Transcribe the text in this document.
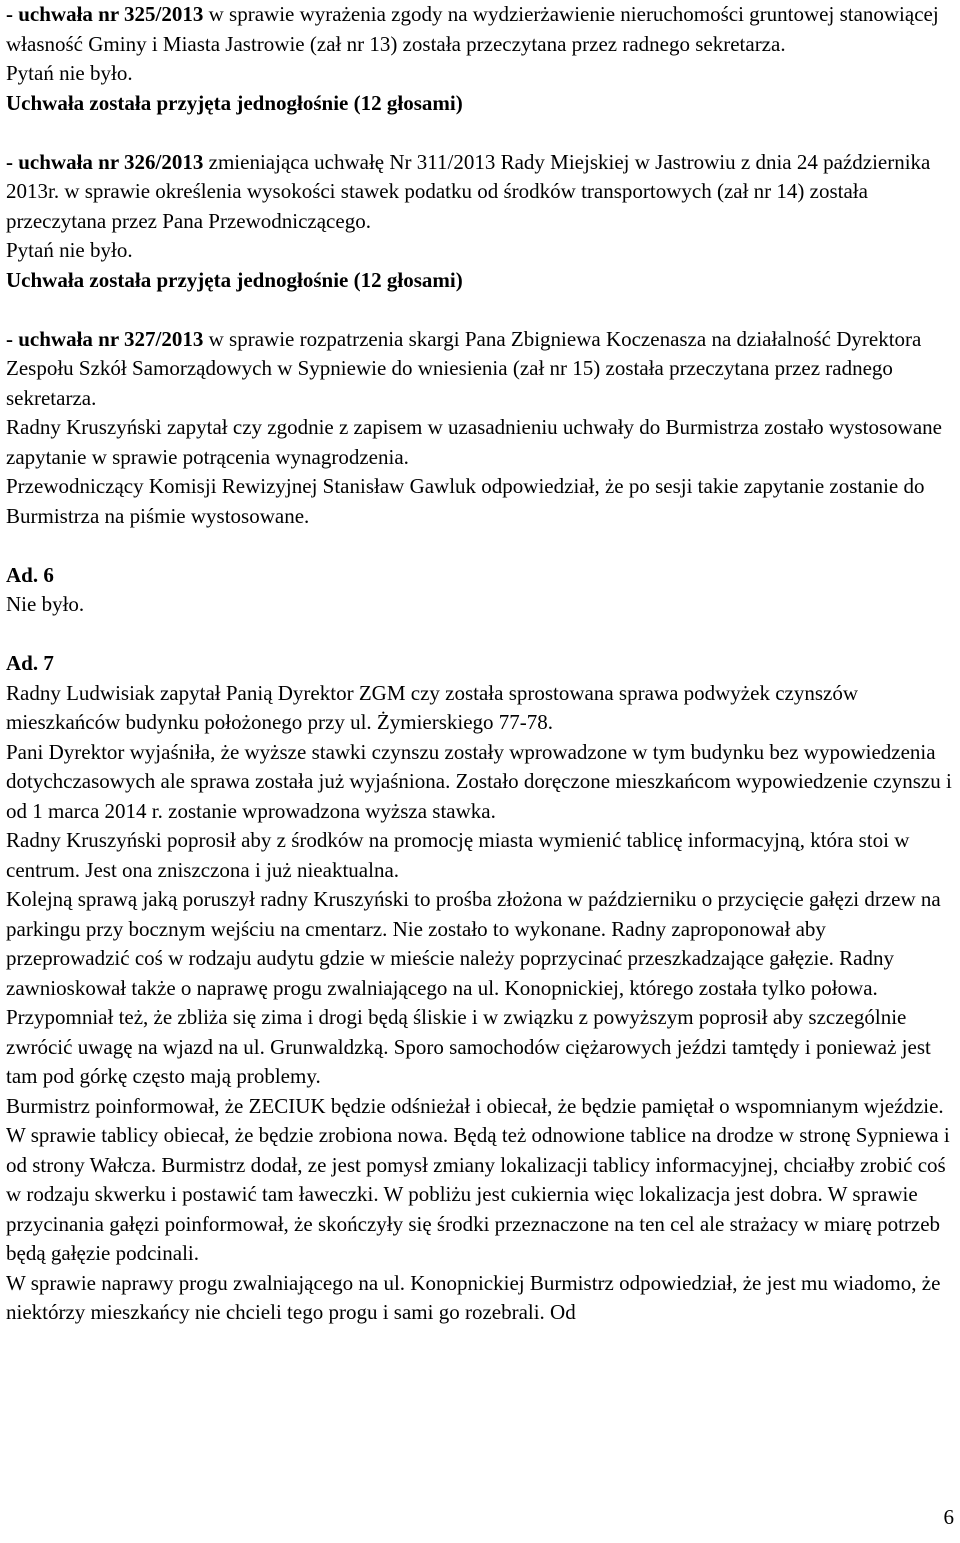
- uchwała nr 325/2013 w sprawie wyrażenia zgody na wydzierżawienie nieruchomości gruntowej stanowiącej własność Gminy i Miasta Jastrowie (zał nr 13) została przeczytana przez radnego sekretarza.

Pytań nie było.

Uchwała została przyjęta jednogłośnie (12 głosami)

- uchwała nr 326/2013 zmieniająca uchwałę Nr 311/2013 Rady Miejskiej w Jastrowiu z dnia 24 października 2013r. w sprawie określenia wysokości stawek podatku od środków transportowych (zał nr 14) została przeczytana przez Pana Przewodniczącego.

Pytań nie było.

Uchwała została przyjęta jednogłośnie (12 głosami)

- uchwała nr 327/2013 w sprawie rozpatrzenia skargi Pana Zbigniewa Koczenasza na działalność Dyrektora Zespołu Szkół Samorządowych w Sypniewie do wniesienia (zał nr 15) została przeczytana przez radnego sekretarza.

Radny Kruszyński zapytał czy zgodnie z zapisem w uzasadnieniu uchwały do Burmistrza zostało wystosowane zapytanie w sprawie potrącenia wynagrodzenia.

Przewodniczący Komisji Rewizyjnej Stanisław Gawluk odpowiedział, że po sesji takie zapytanie zostanie do Burmistrza na piśmie wystosowane.

Ad. 6

Nie było.

Ad. 7

Radny Ludwisiak zapytał Panią Dyrektor ZGM czy została sprostowana sprawa podwyżek czynszów mieszkańców budynku położonego przy ul. Żymierskiego 77-78.

Pani Dyrektor wyjaśniła, że wyższe stawki czynszu zostały wprowadzone w tym budynku bez wypowiedzenia dotychczasowych ale sprawa została już wyjaśniona. Zostało doręczone mieszkańcom wypowiedzenie czynszu i od 1 marca 2014 r. zostanie wprowadzona wyższa stawka.

Radny Kruszyński poprosił aby z środków na promocję miasta wymienić tablicę informacyjną, która stoi w centrum. Jest ona zniszczona i już nieaktualna.

Kolejną sprawą jaką poruszył radny Kruszyński to prośba złożona w październiku o przycięcie gałęzi drzew na parkingu przy bocznym wejściu na cmentarz. Nie zostało to wykonane. Radny zaproponował aby przeprowadzić coś w rodzaju audytu gdzie w mieście należy poprzycinać przeszkadzające gałęzie. Radny zawnioskował także o naprawę progu zwalniającego na ul. Konopnickiej, którego została tylko połowa. Przypomniał też, że zbliża się zima i drogi będą śliskie i w związku z powyższym poprosił aby szczególnie zwrócić uwagę na wjazd na ul. Grunwaldzką. Sporo samochodów ciężarowych jeździ tamtędy i ponieważ jest tam pod górkę często mają problemy.

Burmistrz poinformował, że ZECIUK będzie odśnieżał i obiecał, że będzie pamiętał o wspomnianym wjeździe. W sprawie tablicy obiecał, że będzie zrobiona nowa. Będą też odnowione tablice na drodze w stronę Sypniewa i od strony Wałcza. Burmistrz dodał, ze jest pomysł zmiany lokalizacji tablicy informacyjnej, chciałby zrobić coś w rodzaju skwerku i postawić tam ławeczki. W pobliżu jest cukiernia więc lokalizacja jest dobra. W sprawie przycinania gałęzi poinformował, że skończyły się środki przeznaczone na ten cel ale strażacy w miarę potrzeb będą gałęzie podcinali.

W sprawie naprawy progu zwalniającego na ul. Konopnickiej Burmistrz odpowiedział, że jest mu wiadomo, że niektórzy mieszkańcy nie chcieli tego progu i sami go rozebrali. Od

6
